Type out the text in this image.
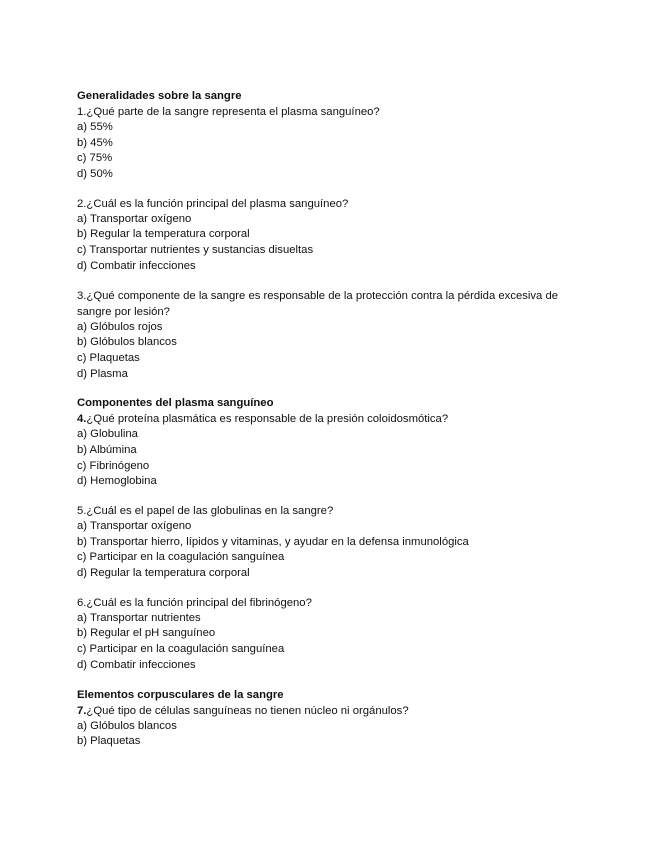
Generalidades sobre la sangre
1.¿Qué parte de la sangre representa el plasma sanguíneo?
a) 55%
b) 45%
c) 75%
d) 50%
2.¿Cuál es la función principal del plasma sanguíneo?
a) Transportar oxígeno
b) Regular la temperatura corporal
c) Transportar nutrientes y sustancias disueltas
d) Combatir infecciones
3.¿Qué componente de la sangre es responsable de la protección contra la pérdida excesiva de sangre por lesión?
a) Glóbulos rojos
b) Glóbulos blancos
c) Plaquetas
d) Plasma
Componentes del plasma sanguíneo
4.¿Qué proteína plasmática es responsable de la presión coloidosmótica?
a) Globulina
b) Albúmina
c) Fibrinógeno
d) Hemoglobina
5.¿Cuál es el papel de las globulinas en la sangre?
a) Transportar oxígeno
b) Transportar hierro, lípidos y vitaminas, y ayudar en la defensa inmunológica
c) Participar en la coagulación sanguínea
d) Regular la temperatura corporal
6.¿Cuál es la función principal del fibrinógeno?
a) Transportar nutrientes
b) Regular el pH sanguíneo
c) Participar en la coagulación sanguínea
d) Combatir infecciones
Elementos corpusculares de la sangre
7.¿Qué tipo de células sanguíneas no tienen núcleo ni orgánulos?
a) Glóbulos blancos
b) Plaquetas
